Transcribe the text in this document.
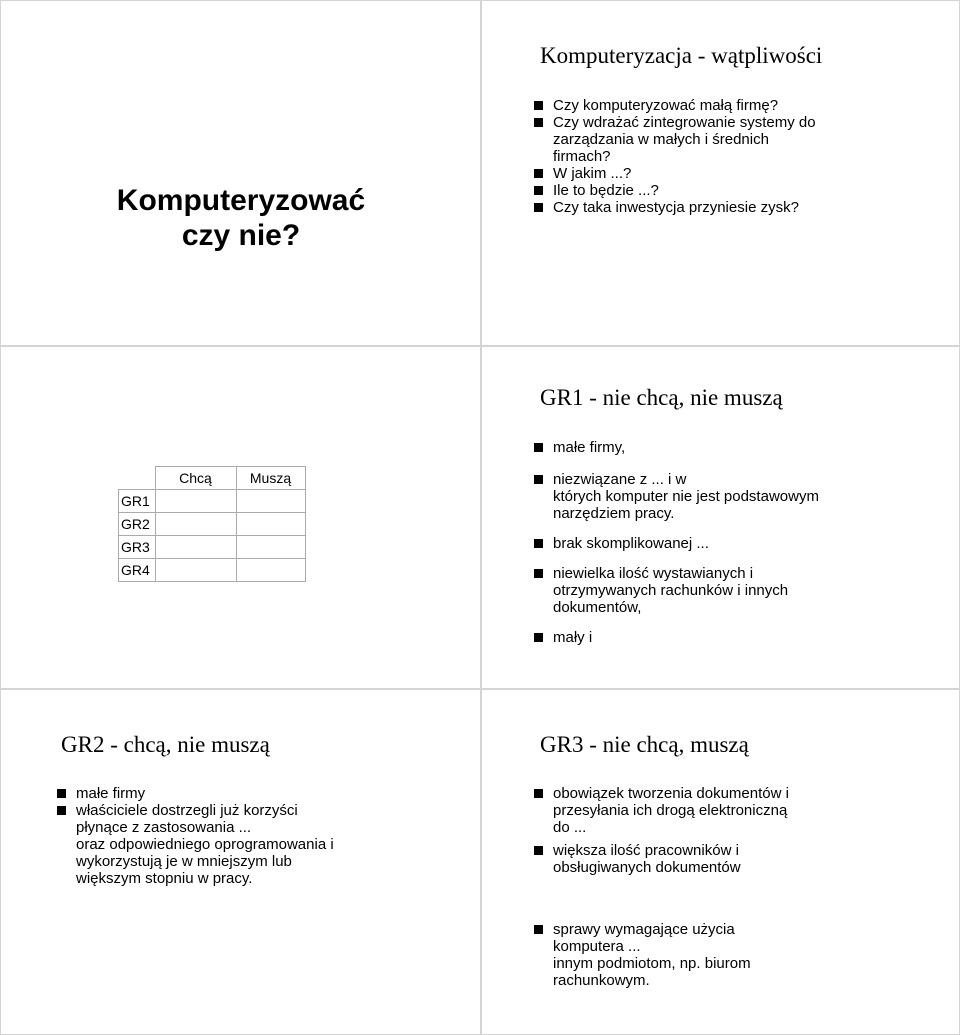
Komputeryzować
czy nie?
Komputeryzacja - wątpliwości
Czy komputeryzować małą firmę?
Czy wdrażać zintegrowanie systemy do
zarządzania w małych i średnich
firmach?
W jakim ...?
Ile to będzie ...?
Czy taka inwestycja przyniesie zysk?
	Chcą	Muszą
GR1		
GR2		
GR3		
GR4		
GR1 - nie chcą, nie muszą
małe firmy,
niezwiązane z ... i w
których komputer nie jest podstawowym
narzędziem pracy.
brak skomplikowanej ...
niewielka ilość wystawianych i
otrzymywanych rachunków i innych
dokumentów,
mały i
GR2 - chcą, nie muszą
małe firmy
właściciele dostrzegli już korzyści
płynące z zastosowania ...
oraz odpowiedniego oprogramowania i
wykorzystują je w mniejszym lub
większym stopniu w pracy.
GR3 - nie chcą, muszą
obowiązek tworzenia dokumentów i
przesyłania ich drogą elektroniczną
do ...
większa ilość pracowników i
obsługiwanych dokumentów
sprawy wymagające użycia
komputera ...
innym podmiotom, np. biurom
rachunkowym.
